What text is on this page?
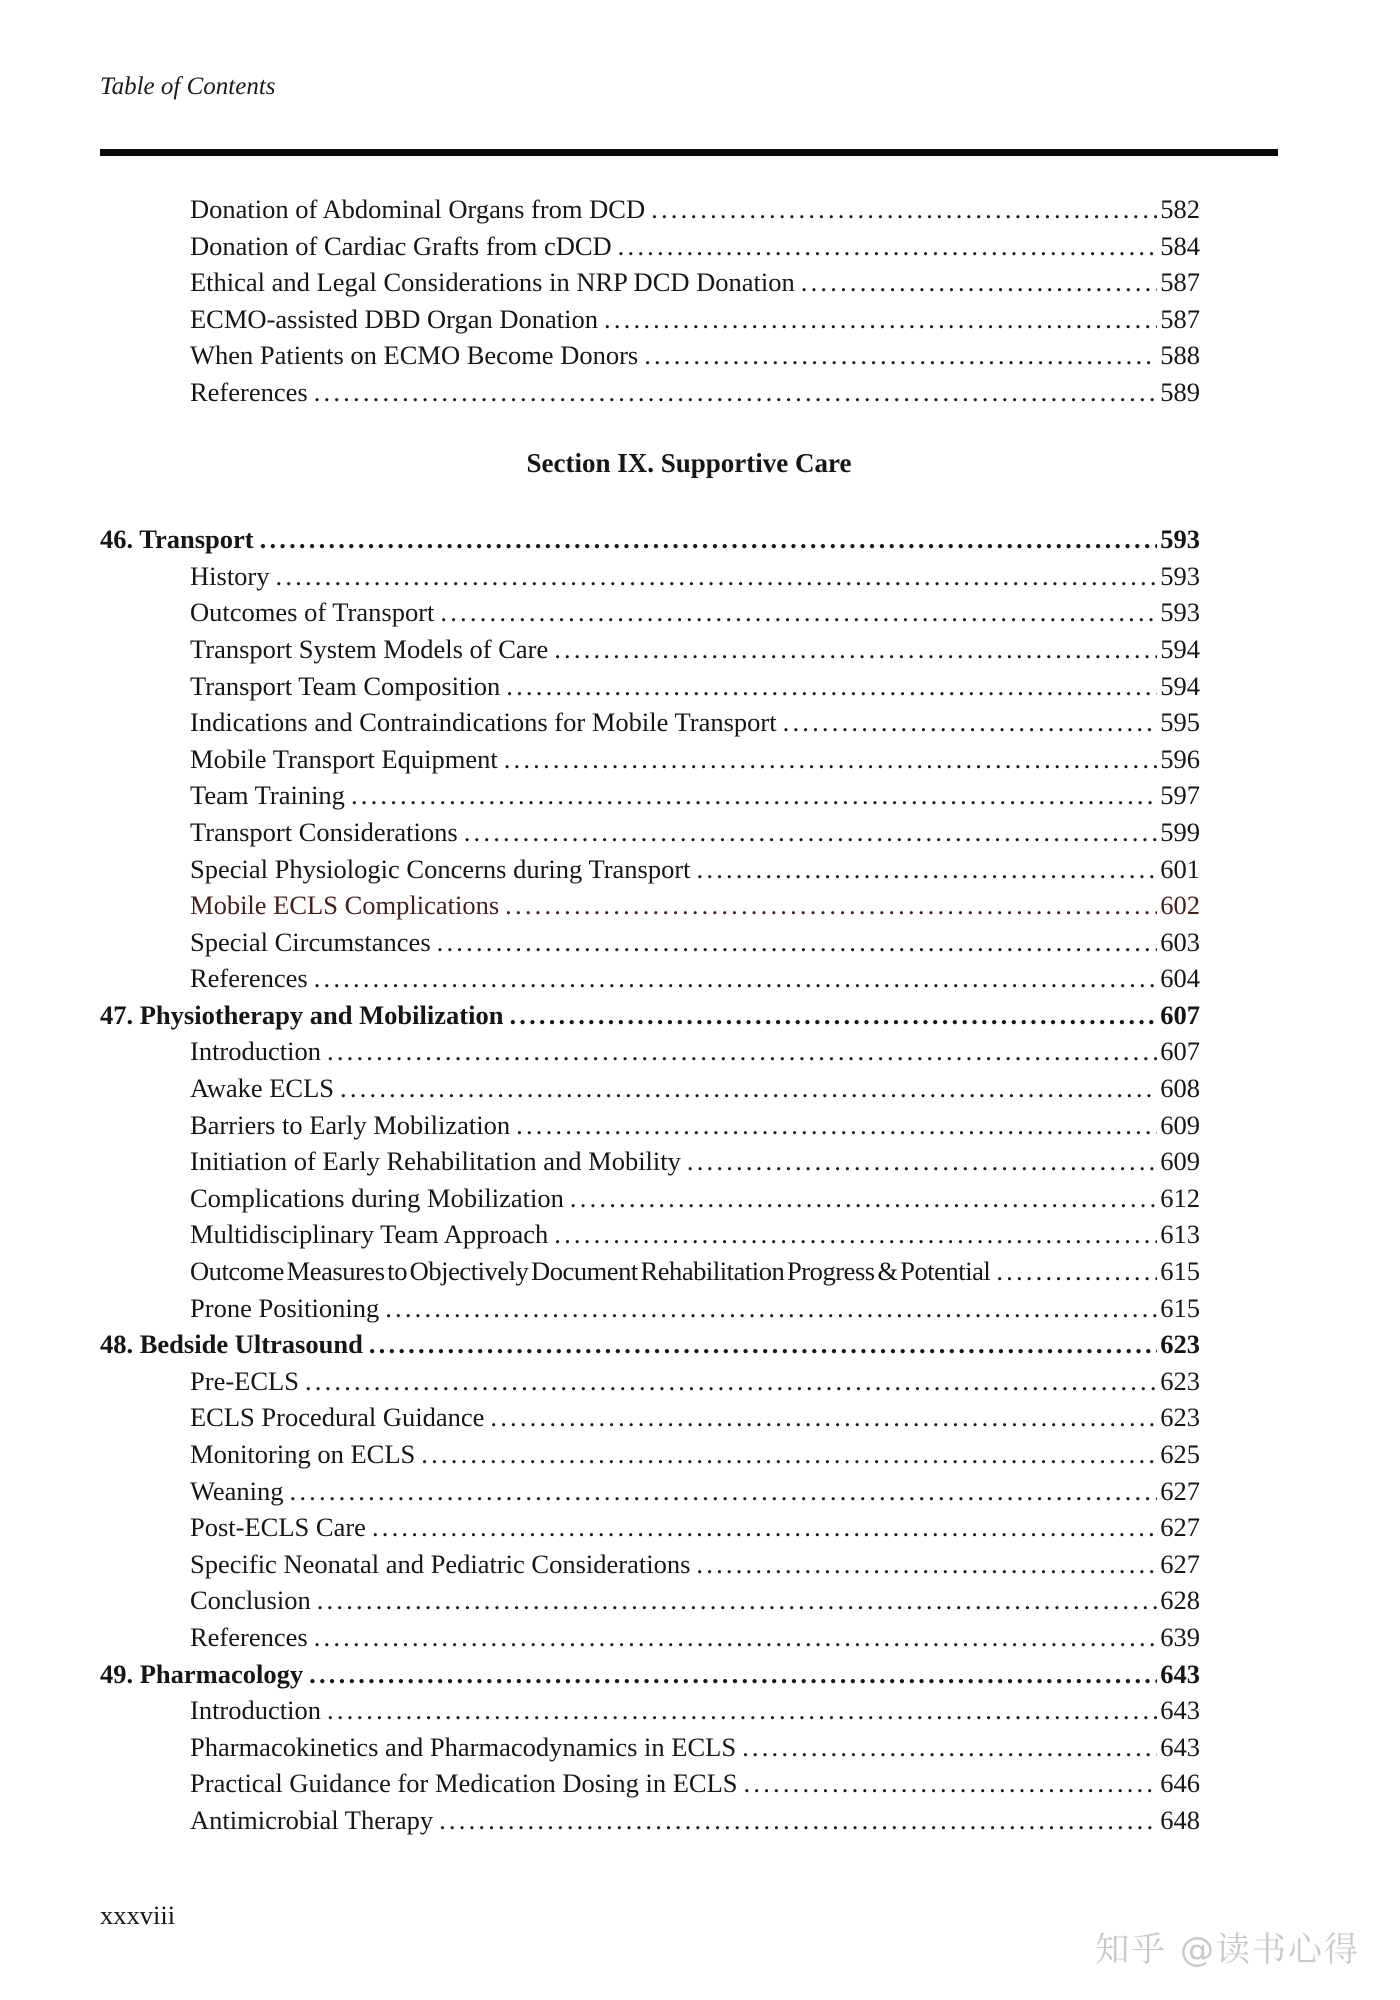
Table of Contents
Donation of Abdominal Organs from DCD .....	582
Donation of Cardiac Grafts from cDCD .....	584
Ethical and Legal Considerations in NRP DCD Donation .....	587
ECMO-assisted DBD Organ Donation .....	587
When Patients on ECMO Become Donors .....	588
References .....	589
Section IX. Supportive Care
46. Transport .....	593
History .....	593
Outcomes of Transport .....	593
Transport System Models of Care .....	594
Transport Team Composition .....	594
Indications and Contraindications for Mobile Transport .....	595
Mobile Transport Equipment .....	596
Team Training .....	597
Transport Considerations .....	599
Special Physiologic Concerns during Transport .....	601
Mobile ECLS Complications .....	602
Special Circumstances .....	603
References .....	604
47. Physiotherapy and Mobilization .....	607
Introduction .....	607
Awake ECLS .....	608
Barriers to Early Mobilization .....	609
Initiation of Early Rehabilitation and Mobility .....	609
Complications during Mobilization .....	612
Multidisciplinary Team Approach .....	613
Outcome Measures to Objectively Document Rehabilitation Progress & Potential .....	615
Prone Positioning .....	615
48. Bedside Ultrasound .....	623
Pre-ECLS .....	623
ECLS Procedural Guidance .....	623
Monitoring on ECLS .....	625
Weaning .....	627
Post-ECLS Care .....	627
Specific Neonatal and Pediatric Considerations .....	627
Conclusion .....	628
References .....	639
49. Pharmacology .....	643
Introduction .....	643
Pharmacokinetics and Pharmacodynamics in ECLS .....	643
Practical Guidance for Medication Dosing in ECLS .....	646
Antimicrobial Therapy .....	648
xxxviii
知乎 @读书心得
